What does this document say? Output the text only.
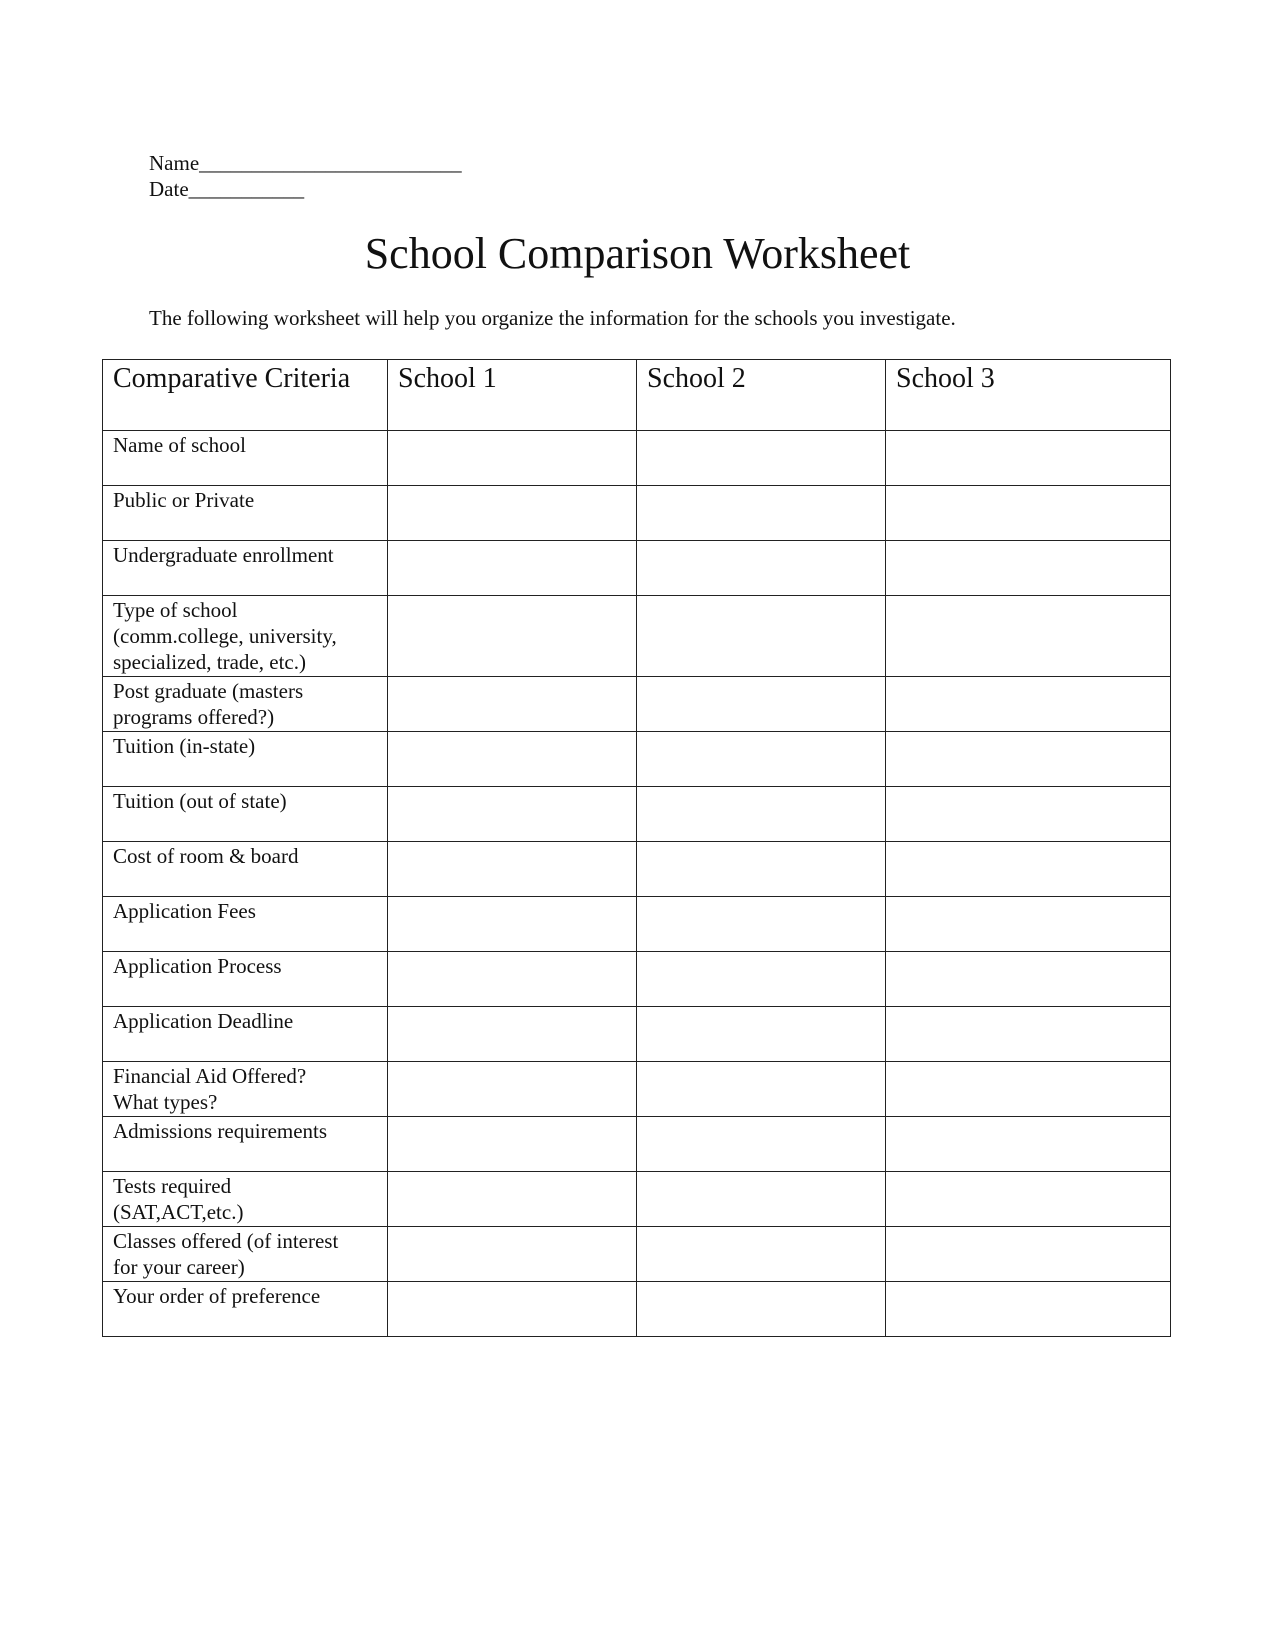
Name_________________________
Date___________
School Comparison Worksheet
The following worksheet will help you organize the information for the schools you investigate.
Comparative Criteria	School 1	School 2	School 3
Name of school			
Public or Private			
Undergraduate enrollment			
Type of school
(comm.college, university,
specialized, trade, etc.)			
Post graduate (masters
programs offered?)			
Tuition (in-state)			
Tuition (out of state)			
Cost of room & board			
Application Fees			
Application Process			
Application Deadline			
Financial Aid Offered?
What types?			
Admissions requirements			
Tests required
(SAT,ACT,etc.)			
Classes offered (of interest
for your career)			
Your order of preference			
